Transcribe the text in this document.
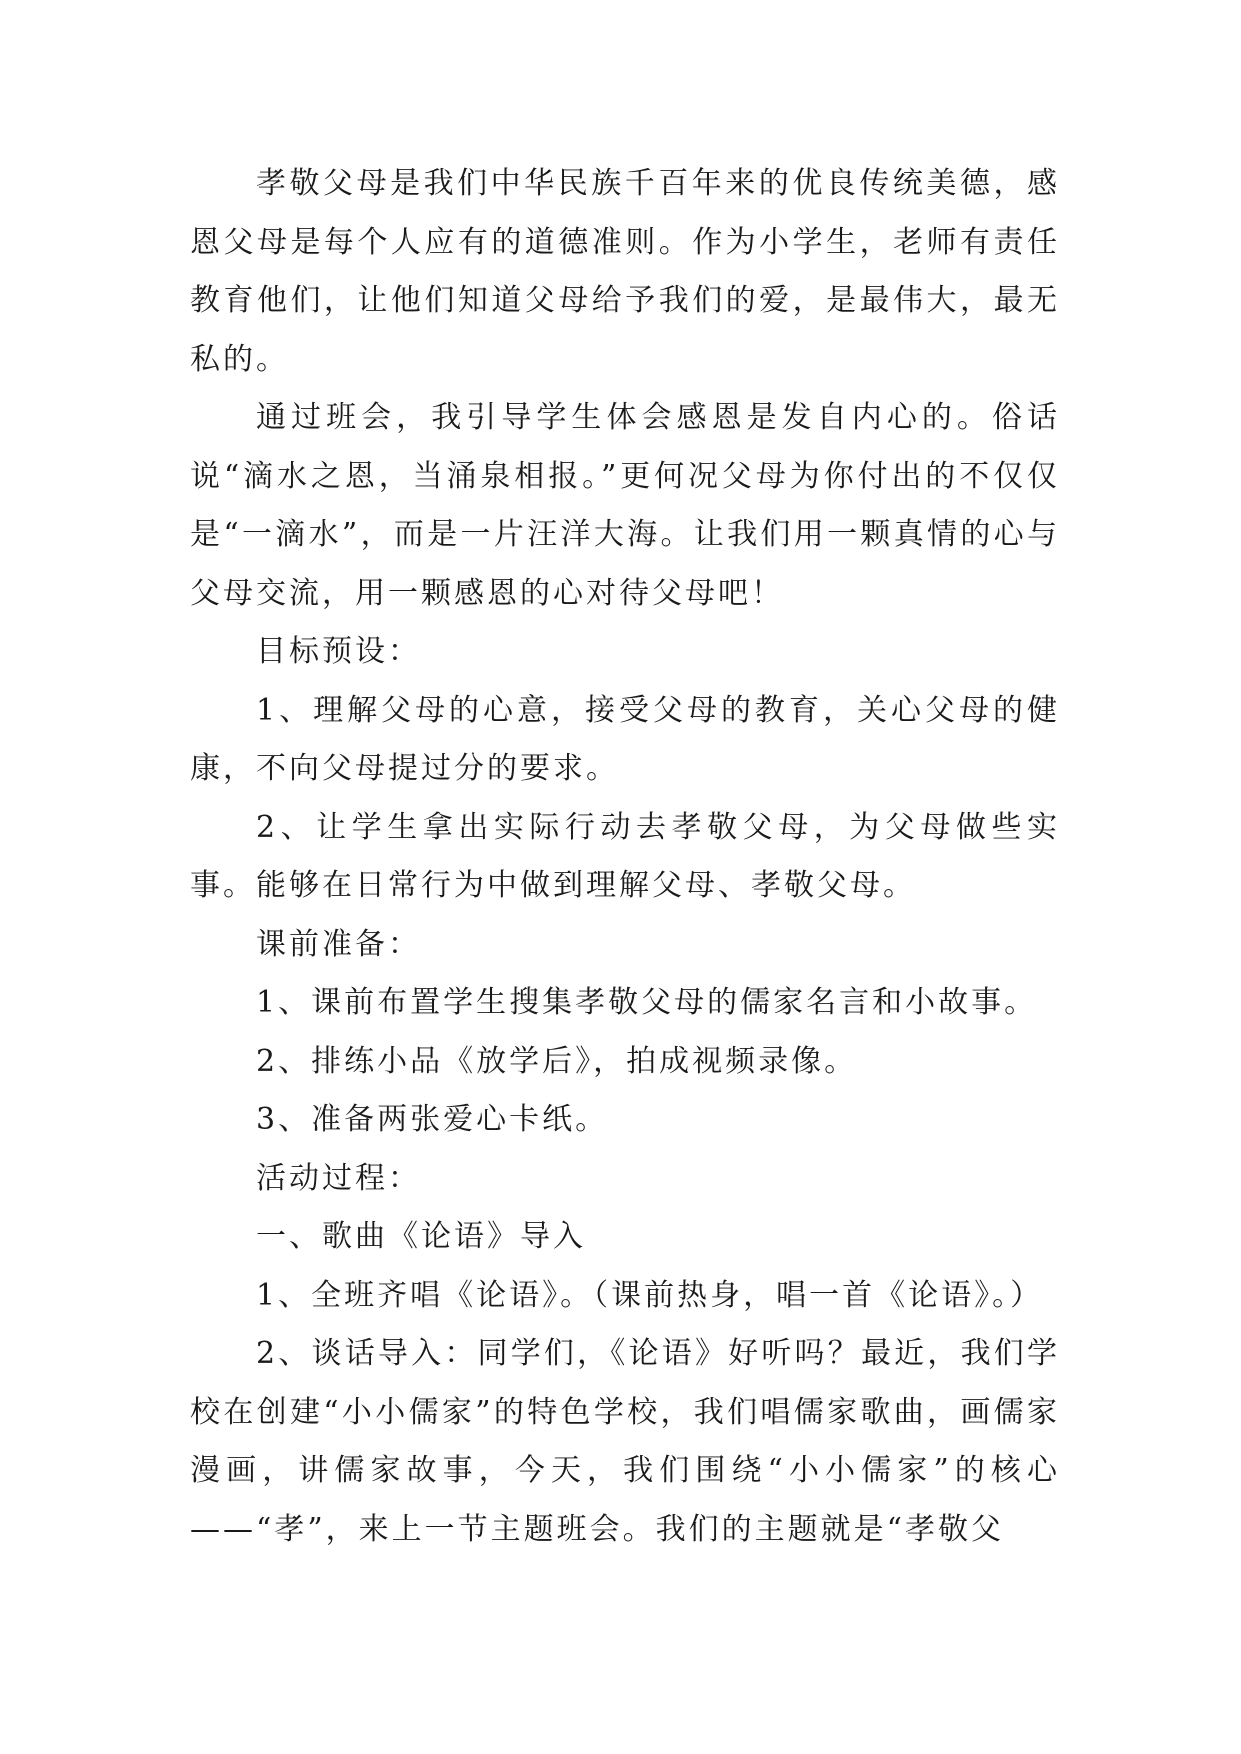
孝敬父母是我们中华民族千百年来的优良传统美德，感恩父母是每个人应有的道德准则。作为小学生，老师有责任教育他们，让他们知道父母给予我们的爱，是最伟大，最无私的。

通过班会，我引导学生体会感恩是发自内心的。俗话说“滴水之恩，当涌泉相报。”更何况父母为你付出的不仅仅是“一滴水”，而是一片汪洋大海。让我们用一颗真情的心与父母交流，用一颗感恩的心对待父母吧！

目标预设：

1、理解父母的心意，接受父母的教育，关心父母的健康，不向父母提过分的要求。

2、让学生拿出实际行动去孝敬父母，为父母做些实事。能够在日常行为中做到理解父母、孝敬父母。

课前准备：

1、课前布置学生搜集孝敬父母的儒家名言和小故事。

2、排练小品《放学后》，拍成视频录像。

3、准备两张爱心卡纸。

活动过程：

一、歌曲《论语》导入

1、全班齐唱《论语》。（课前热身，唱一首《论语》。）

2、谈话导入：同学们，《论语》好听吗？最近，我们学校在创建“小小儒家”的特色学校，我们唱儒家歌曲，画儒家漫画，讲儒家故事，今天，我们围绕“小小儒家”的核心——“孝”，来上一节主题班会。我们的主题就是“孝敬父
